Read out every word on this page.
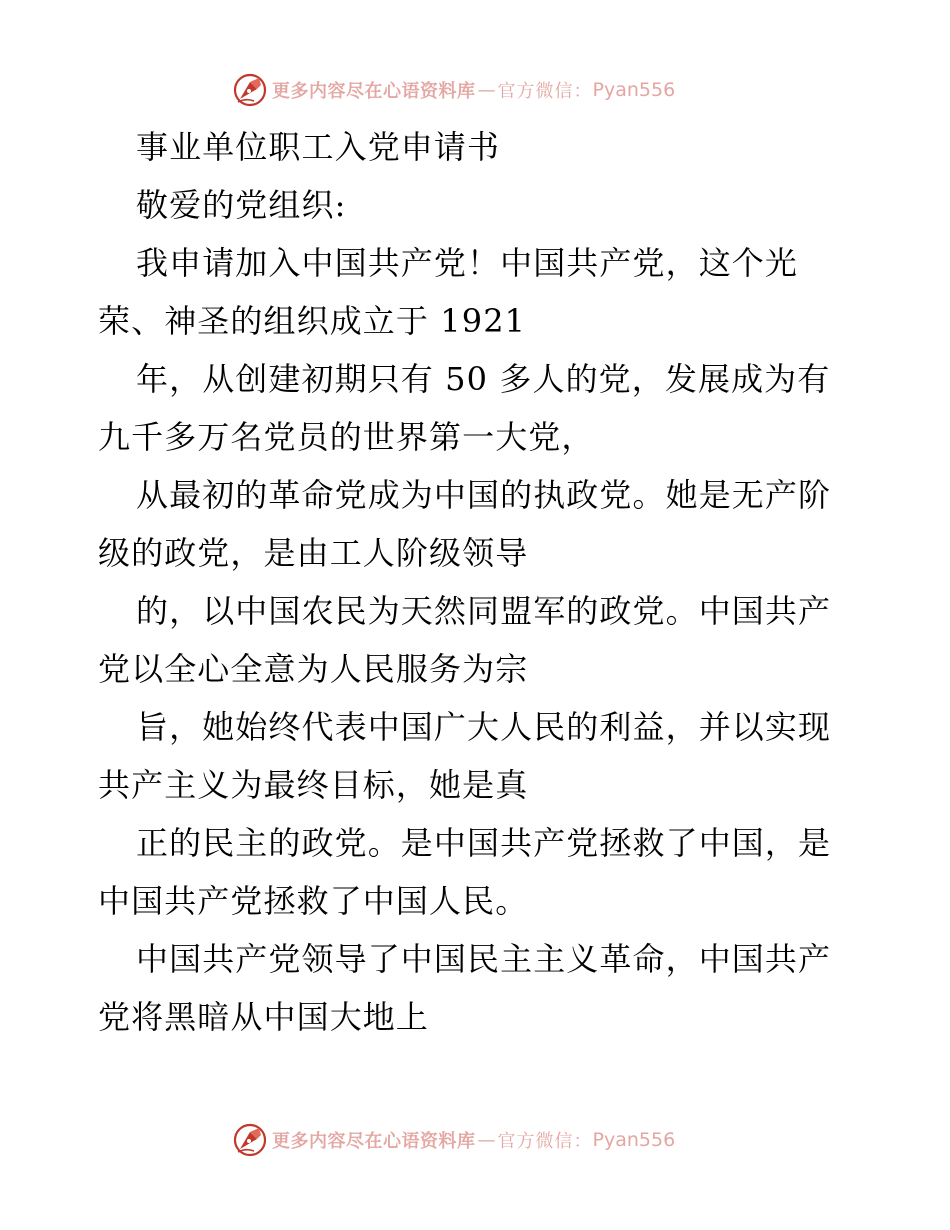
更多内容尽在心语资料库 — 官方微信： Pyan556
事业单位职工入党申请书
敬爱的党组织:
我申请加入中国共产党！中国共产党，这个光
荣、神圣的组织成立于 1921
年，从创建初期只有 50 多人的党，发展成为有
九千多万名党员的世界第一大党，
从最初的革命党成为中国的执政党。她是无产阶
级的政党，是由工人阶级领导
的，以中国农民为天然同盟军的政党。中国共产
党以全心全意为人民服务为宗
旨，她始终代表中国广大人民的利益，并以实现
共产主义为最终目标，她是真
正的民主的政党。是中国共产党拯救了中国，是
中国共产党拯救了中国人民。
中国共产党领导了中国民主主义革命，中国共产
党将黑暗从中国大地上
更多内容尽在心语资料库 — 官方微信： Pyan556
